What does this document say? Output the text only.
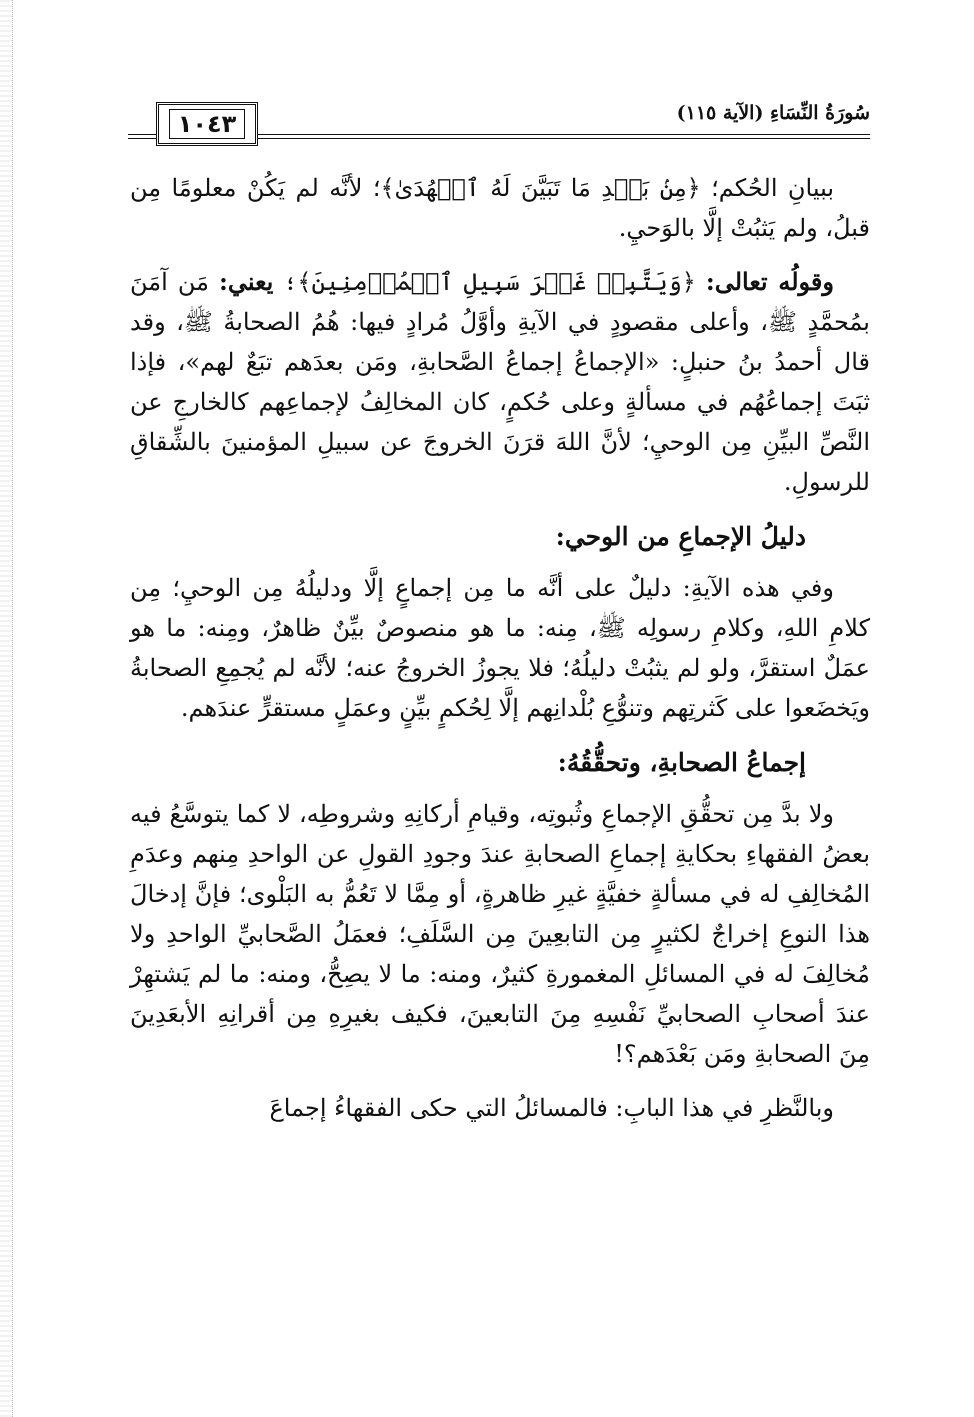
١٠٤٣	سُورَةُ النِّسَاءِ (الآية ١١٥)

ببيانِ الحُكم؛ ﴿مِنۢ بَعۡدِ مَا تَبَيَّنَ لَهُ ٱلۡهُدَىٰ﴾؛ لأنَّه لم يَكُنْ معلومًا مِن قبلُ، ولم يَثبُتْ إلَّا بالوَحيِ.

وقولُه تعالى: ﴿وَيَتَّبِعۡ غَيۡرَ سَبِيلِ ٱلۡمُؤۡمِنِينَ﴾؛ يعني: مَن آمَنَ بمُحمَّدٍ ﷺ، وأعلى مقصودٍ في الآيةِ وأوَّلُ مُرادٍ فيها: هُمُ الصحابةُ ﷺ، وقد قال أحمدُ بنُ حنبلٍ: «الإجماعُ إجماعُ الصَّحابةِ، ومَن بعدَهم تبَعٌ لهم»، فإذا ثبَتَ إجماعُهُم في مسألةٍ وعلى حُكمٍ، كان المخالِفُ لإجماعِهم كالخارجِ عن النَّصِّ البيِّنِ مِن الوحيِ؛ لأنَّ اللهَ قرَنَ الخروجَ عن سبيلِ المؤمنينَ بالشِّقاقِ للرسولِ.

دليلُ الإجماعِ من الوحي:

وفي هذه الآيةِ: دليلٌ على أنَّه ما مِن إجماعٍ إلَّا ودليلُهُ مِن الوحيِ؛ مِن كلامِ اللهِ، وكلامِ رسولِه ﷺ، مِنه: ما هو منصوصٌ بيِّنٌ ظاهرٌ، ومِنه: ما هو عمَلٌ استقرَّ، ولو لم يثبُتْ دليلُهُ؛ فلا يجوزُ الخروجُ عنه؛ لأنَّه لم يُجمِعِ الصحابةُ ويَخضَعوا على كَثرتِهم وتنوُّعِ بُلْدانِهم إلَّا لِحُكمٍ بيِّنٍ وعمَلٍ مستقرٍّ عندَهم.

إجماعُ الصحابةِ، وتحقُّقُهُ:

ولا بدَّ مِن تحقُّقِ الإجماعِ وثُبوتِه، وقيامِ أركانِهِ وشروطِه، لا كما يتوسَّعُ فيه بعضُ الفقهاءِ بحكايةِ إجماعِ الصحابةِ عندَ وجودِ القولِ عن الواحدِ مِنهم وعدَمِ المُخالِفِ له في مسألةٍ خفيَّةٍ غيرِ ظاهرةٍ، أو مِمَّا لا تَعُمُّ به البَلْوى؛ فإنَّ إدخالَ هذا النوعِ إخراجٌ لكثيرٍ مِن التابعِينَ مِن السَّلَفِ؛ فعمَلُ الصَّحابيِّ الواحدِ ولا مُخالِفَ له في المسائلِ المغمورةِ كثيرٌ، ومنه: ما لا يصِحُّ، ومنه: ما لم يَشتهِرْ عندَ أصحابِ الصحابيِّ نَفْسِهِ مِنَ التابعينَ، فكيف بغيرِهِ مِن أقرانِهِ الأبعَدِينَ مِنَ الصحابةِ ومَن بَعْدَهم؟!

وبالنَّظرِ في هذا البابِ: فالمسائلُ التي حكى الفقهاءُ إجماعَ
